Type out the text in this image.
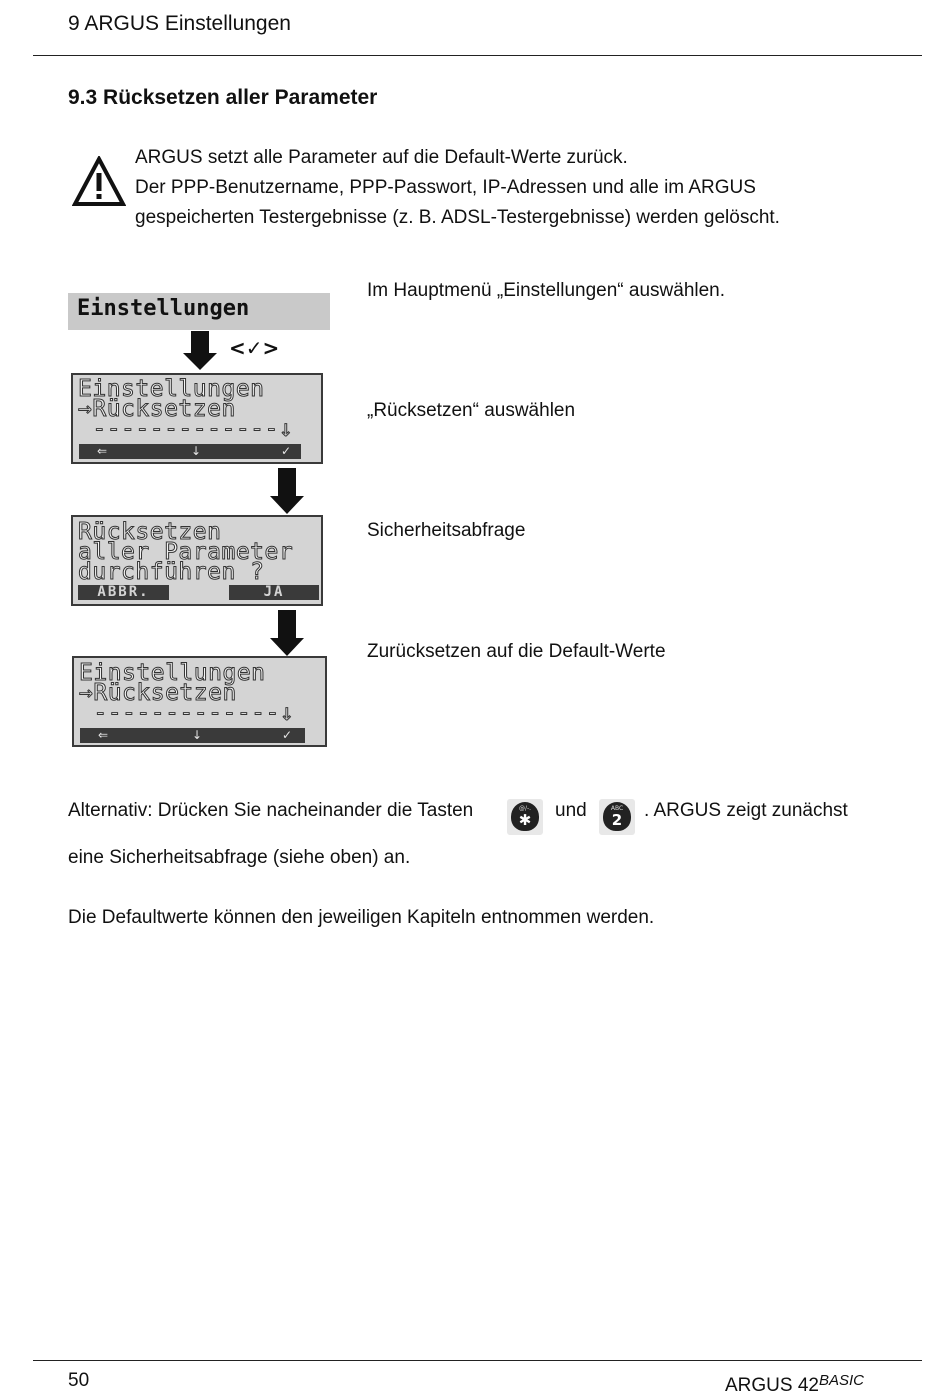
9 ARGUS Einstellungen
9.3 Rücksetzen aller Parameter
ARGUS setzt alle Parameter auf die Default-Werte zurück.
Der PPP-Benutzername, PPP-Passwort, IP-Adressen und alle im ARGUS
gespeicherten Testergebnisse (z. B. ADSL-Testergebnisse) werden gelöscht.
Einstellungen
<✓>
Einstellungen
→Rücksetzen
-------------↓
⇐	↓	✓
Rücksetzen
aller Parameter
durchführen ?
ABBR.	JA
Einstellungen
→Rücksetzen
-------------↓
⇐	↓	✓
Im Hauptmenü „Einstellungen“ auswählen.
„Rücksetzen“ auswählen
Sicherheitsabfrage
Zurücksetzen auf die Default-Werte
Alternativ: Drücken Sie nacheinander die Tasten	@/-.
✱	und	ABC
2	. ARGUS zeigt zunächst
eine Sicherheitsabfrage (siehe oben) an.
Die Defaultwerte können den jeweiligen Kapiteln entnommen werden.
50	ARGUS $42^{BASIC}$
